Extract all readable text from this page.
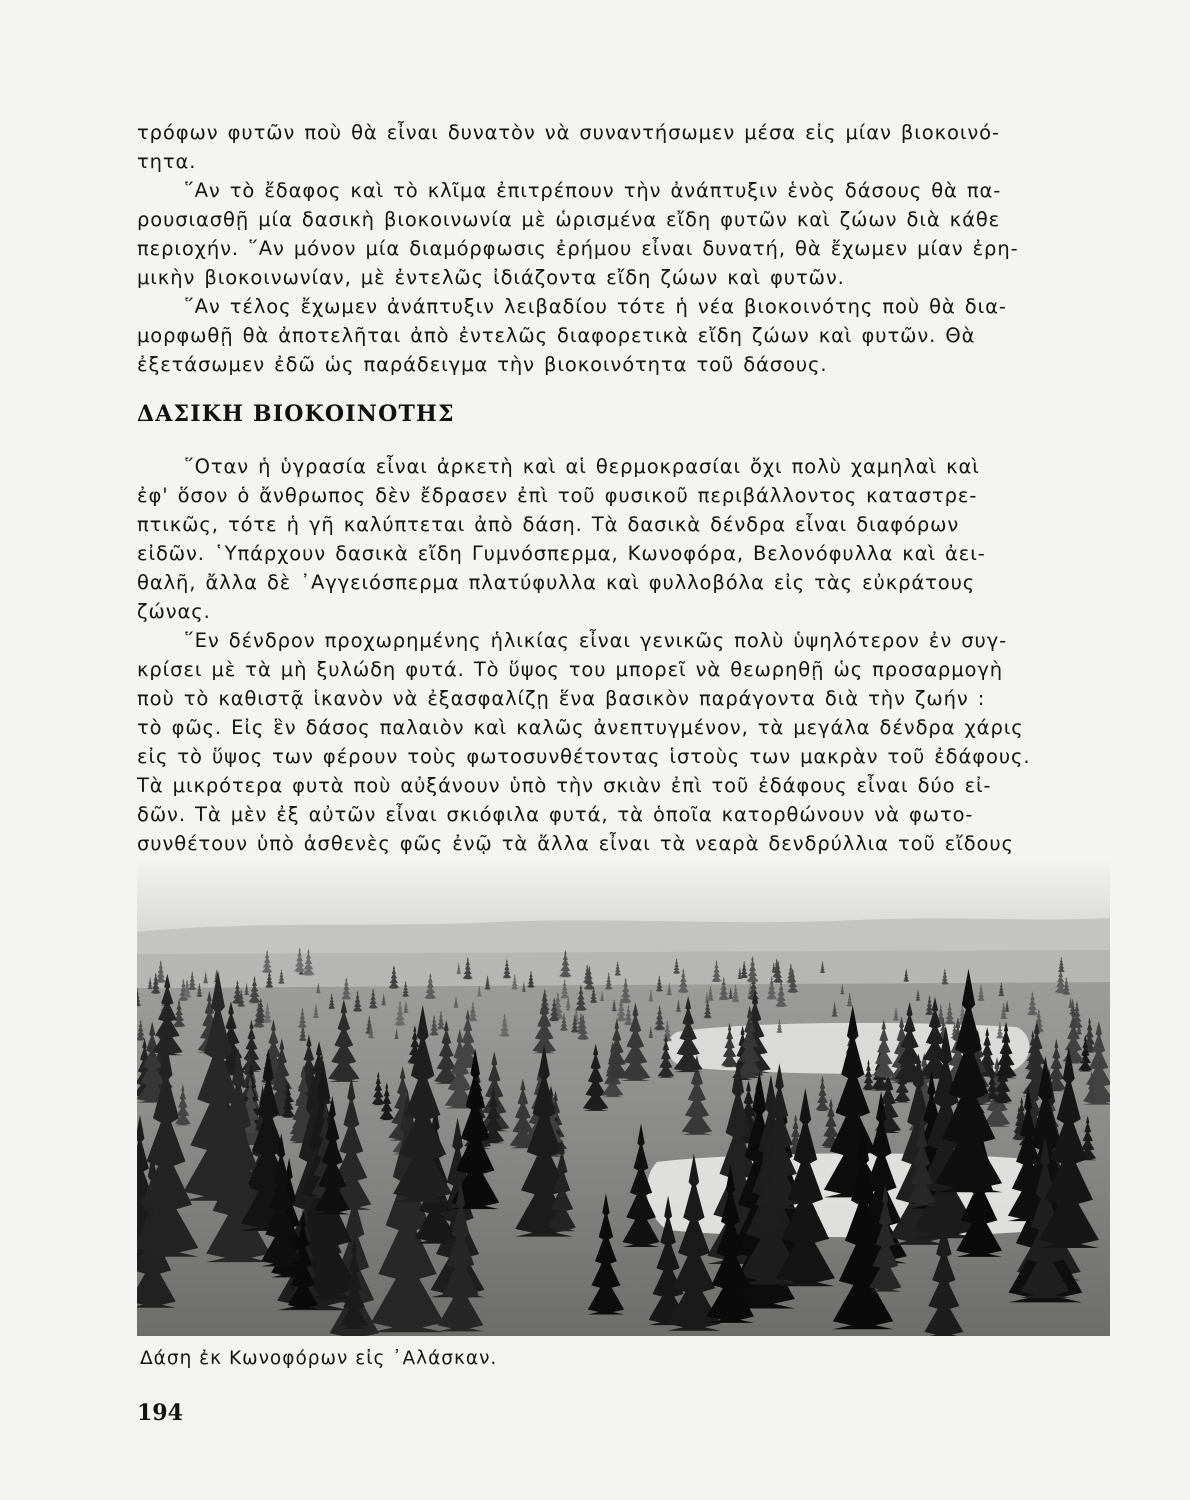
τρόφων φυτῶν ποὺ θὰ εἶναι δυνατὸν νὰ συναντήσωμεν μέσα εἰς μίαν βιοκοινό-
τητα.
῞Αν τὸ ἔδαφος καὶ τὸ κλῖμα ἐπιτρέπουν τὴν ἀνάπτυξιν ἑνὸς δάσους θὰ πα-
ρουσιασθῇ μία δασικὴ βιοκοινωνία μὲ ὡρισμένα εἴδη φυτῶν καὶ ζώων διὰ κάθε
περιοχήν. ῞Αν μόνον μία διαμόρφωσις ἐρήμου εἶναι δυνατή, θὰ ἔχωμεν μίαν ἐρη-
μικὴν βιοκοινωνίαν, μὲ ἐντελῶς ἰδιάζοντα εἴδη ζώων καὶ φυτῶν.
῞Αν τέλος ἔχωμεν ἀνάπτυξιν λειβαδίου τότε ἡ νέα βιοκοινότης ποὺ θὰ δια-
μορφωθῇ θὰ ἀποτελῆται ἀπὸ ἐντελῶς διαφορετικὰ εἴδη ζώων καὶ φυτῶν. Θὰ
ἐξετάσωμεν ἐδῶ ὡς παράδειγμα τὴν βιοκοινότητα τοῦ δάσους.
ΔΑΣΙΚΗ ΒΙΟΚΟΙΝΟΤΗΣ
῞Οταν ἡ ὑγρασία εἶναι ἀρκετὴ καὶ αἱ θερμοκρασίαι ὄχι πολὺ χαμηλαὶ καὶ
ἐφ' ὅσον ὁ ἄνθρωπος δὲν ἔδρασεν ἐπὶ τοῦ φυσικοῦ περιβάλλοντος καταστρε-
πτικῶς, τότε ἡ γῆ καλύπτεται ἀπὸ δάση. Τὰ δασικὰ δένδρα εἶναι διαφόρων
εἰδῶν. ῾Υπάρχουν δασικὰ εἴδη Γυμνόσπερμα, Κωνοφόρα, Βελονόφυλλα καὶ ἀει-
θαλῆ, ἄλλα δὲ ᾿Αγγειόσπερμα πλατύφυλλα καὶ φυλλοβόλα εἰς τὰς εὐκράτους
ζώνας.
῞Εν δένδρον προχωρημένης ἡλικίας εἶναι γενικῶς πολὺ ὑψηλότερον ἐν συγ-
κρίσει μὲ τὰ μὴ ξυλώδη φυτά. Τὸ ὕψος του μπορεῖ νὰ θεωρηθῇ ὡς προσαρμογὴ
ποὺ τὸ καθιστᾷ ἱκανὸν νὰ ἐξασφαλίζῃ ἕνα βασικὸν παράγοντα διὰ τὴν ζωήν :
τὸ φῶς. Εἰς ἓν δάσος παλαιὸν καὶ καλῶς ἀνεπτυγμένον, τὰ μεγάλα δένδρα χάρις
εἰς τὸ ὕψος των φέρουν τοὺς φωτοσυνθέτοντας ἱστοὺς των μακρὰν τοῦ ἐδάφους.
Τὰ μικρότερα φυτὰ ποὺ αὐξάνουν ὑπὸ τὴν σκιὰν ἐπὶ τοῦ ἐδάφους εἶναι δύο εἰ-
δῶν. Τὰ μὲν ἐξ αὐτῶν εἶναι σκιόφιλα φυτά, τὰ ὁποῖα κατορθώνουν νὰ φωτο-
συνθέτουν ὑπὸ ἀσθενὲς φῶς ἐνῷ τὰ ἄλλα εἶναι τὰ νεαρὰ δενδρύλλια τοῦ εἴδους
Δάση ἐκ Κωνοφόρων εἰς ᾿Αλάσκαν.
194
